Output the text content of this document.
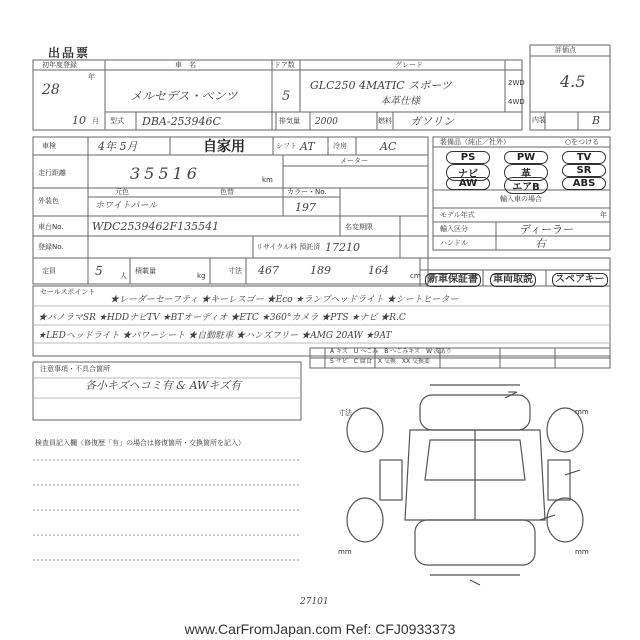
寸法	mm
mm	mm
出品票
初年度登録
28
年
10 月
車　名
メルセデス・ベンツ
ドア数
5
グレード
GLC250 4MATIC スポーツ
本革仕様
型式 DBA-253946C	排気量 2000	燃料 ガソリン
評価点
2WD
4WD
4.5
内装	B
車検	4年 5月	自家用	シフト AT	冷房	AC
走行距離	35516	km
メーター
外装色
元色	色替
ホワイトパール
カラー・No.
197
車台No.	WDC2539462F135541	名変期限
登録No.	リサイクル料 預託済 17210
定員	5 人
積載量
kg
寸法 467	189	164	cm
装備品（純正／社外）	○をつける
PS	PW	TV
ナビ	革	SR
AW	エアB	ABS
輸入車の場合
モデル年式	年
輸入区分	ディーラー
ハンドル	右
新車保証書	車両取説	スペアキー
セールスポイント
★レーダーセーフティ ★キーレスゴー ★Eco ★ランプヘッドライト ★シートヒーター
★パノラマSR ★HDDナビTV ★BTオーディオ ★ETC ★360°カメラ ★PTS ★ナビ ★R.C
★LEDヘッドライト ★パワーシート ★自動駐車 ★ハンズフリー ★AMG 20AW ★9AT
A キズ　U へこみ　B へこみキズ　W 波あり
S サビ　C 腐食　X 交換　XX 交換要
注意事項・不具合箇所
各小キズヘコミ有 & AWキズ有
検査員記入欄（修復歴「有」の場合は修復箇所・交換箇所を記入）
27101
www.CarFromJapan.com Ref: CFJ0933373
